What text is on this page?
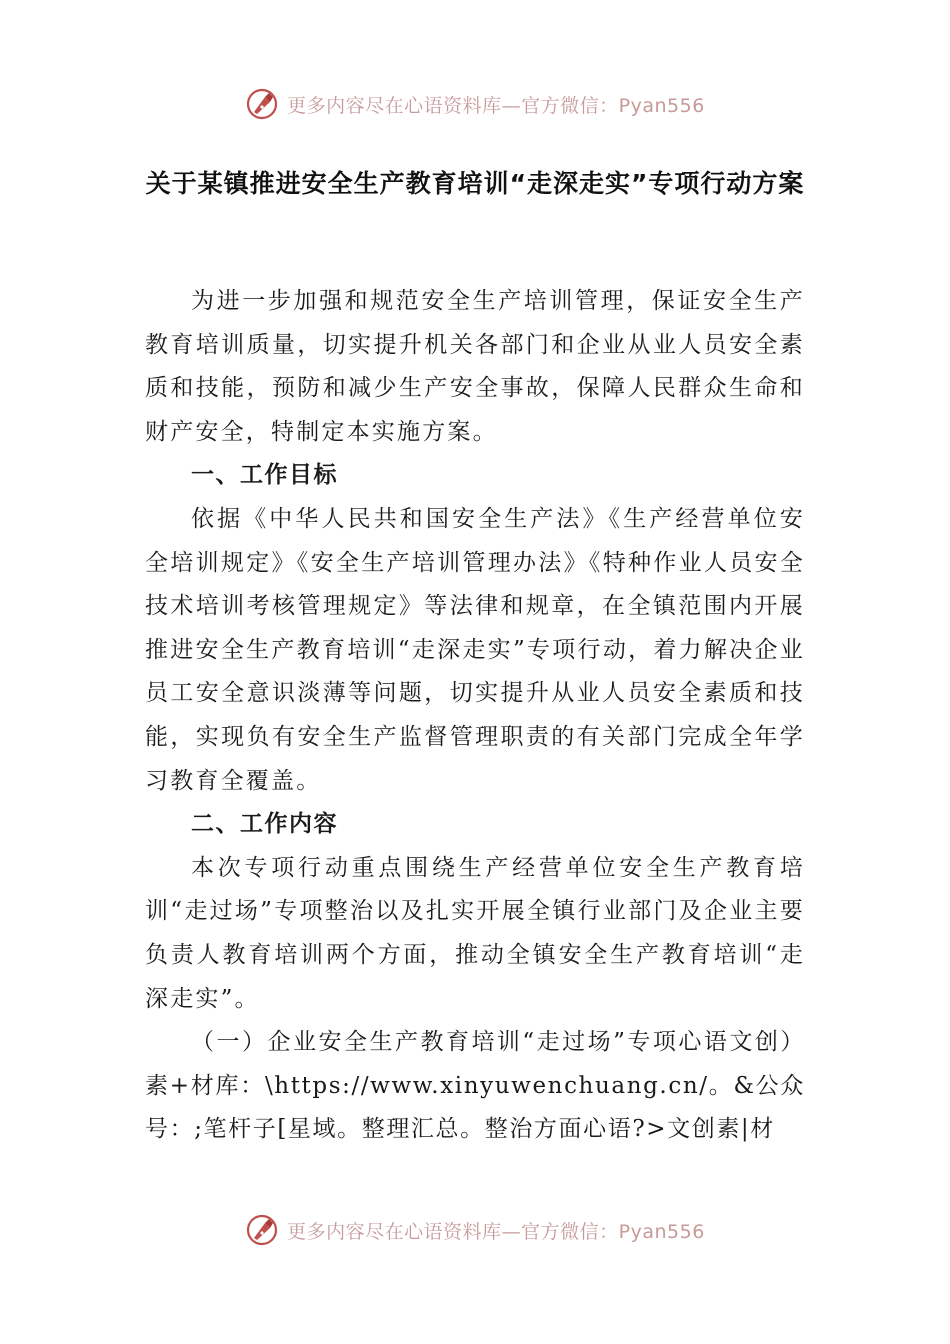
更多内容尽在心语资料库—官方微信：Pyan556
关于某镇推进安全生产教育培训“走深走实”专项行动方案

为进一步加强和规范安全生产培训管理，保证安全生产教育培训质量，切实提升机关各部门和企业从业人员安全素质和技能，预防和减少生产安全事故，保障人民群众生命和财产安全，特制定本实施方案。

一、工作目标

依据《中华人民共和国安全生产法》《生产经营单位安全培训规定》《安全生产培训管理办法》《特种作业人员安全技术培训考核管理规定》等法律和规章，在全镇范围内开展推进安全生产教育培训“走深走实”专项行动，着力解决企业员工安全意识淡薄等问题，切实提升从业人员安全素质和技能，实现负有安全生产监督管理职责的有关部门完成全年学习教育全覆盖。

二、工作内容

本次专项行动重点围绕生产经营单位安全生产教育培训“走过场”专项整治以及扎实开展全镇行业部门及企业主要负责人教育培训两个方面，推动全镇安全生产教育培训“走深走实”。

（一）企业安全生产教育培训“走过场”专项心语文创）素+材库：\https://www.xinyuwenchuang.cn/。&公众号：;笔杆子[星域。整理汇总。整治方面心语?>文创素|材

更多内容尽在心语资料库—官方微信：Pyan556
